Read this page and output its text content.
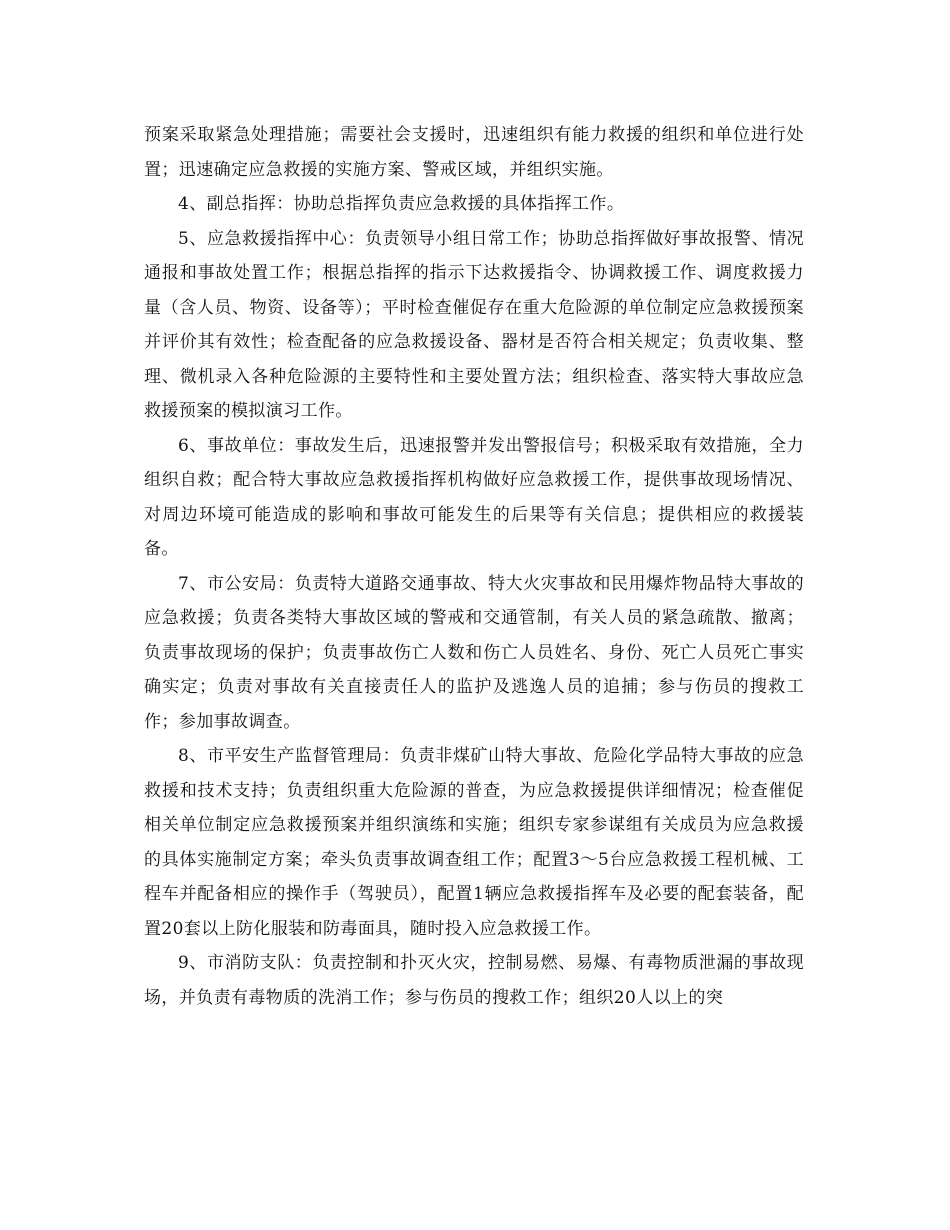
预案采取紧急处理措施；需要社会支援时，迅速组织有能力救援的组织和单位进行处置；迅速确定应急救援的实施方案、警戒区域，并组织实施。

4、副总指挥：协助总指挥负责应急救援的具体指挥工作。

5、应急救援指挥中心：负责领导小组日常工作；协助总指挥做好事故报警、情况通报和事故处置工作；根据总指挥的指示下达救援指令、协调救援工作、调度救援力量（含人员、物资、设备等）；平时检查催促存在重大危险源的单位制定应急救援预案并评价其有效性；检查配备的应急救援设备、器材是否符合相关规定；负责收集、整理、微机录入各种危险源的主要特性和主要处置方法；组织检查、落实特大事故应急救援预案的模拟演习工作。

6、事故单位：事故发生后，迅速报警并发出警报信号；积极采取有效措施，全力组织自救；配合特大事故应急救援指挥机构做好应急救援工作，提供事故现场情况、对周边环境可能造成的影响和事故可能发生的后果等有关信息；提供相应的救援装备。

7、市公安局：负责特大道路交通事故、特大火灾事故和民用爆炸物品特大事故的应急救援；负责各类特大事故区域的警戒和交通管制，有关人员的紧急疏散、撤离；负责事故现场的保护；负责事故伤亡人数和伤亡人员姓名、身份、死亡人员死亡事实确实定；负责对事故有关直接责任人的监护及逃逸人员的追捕；参与伤员的搜救工作；参加事故调查。

8、市平安生产监督管理局：负责非煤矿山特大事故、危险化学品特大事故的应急救援和技术支持；负责组织重大危险源的普查，为应急救援提供详细情况；检查催促相关单位制定应急救援预案并组织演练和实施；组织专家参谋组有关成员为应急救援的具体实施制定方案；牵头负责事故调查组工作；配置3～5台应急救援工程机械、工程车并配备相应的操作手（驾驶员），配置1辆应急救援指挥车及必要的配套装备，配置20套以上防化服装和防毒面具，随时投入应急救援工作。

9、市消防支队：负责控制和扑灭火灾，控制易燃、易爆、有毒物质泄漏的事故现场，并负责有毒物质的洗消工作；参与伤员的搜救工作；组织20人以上的突
